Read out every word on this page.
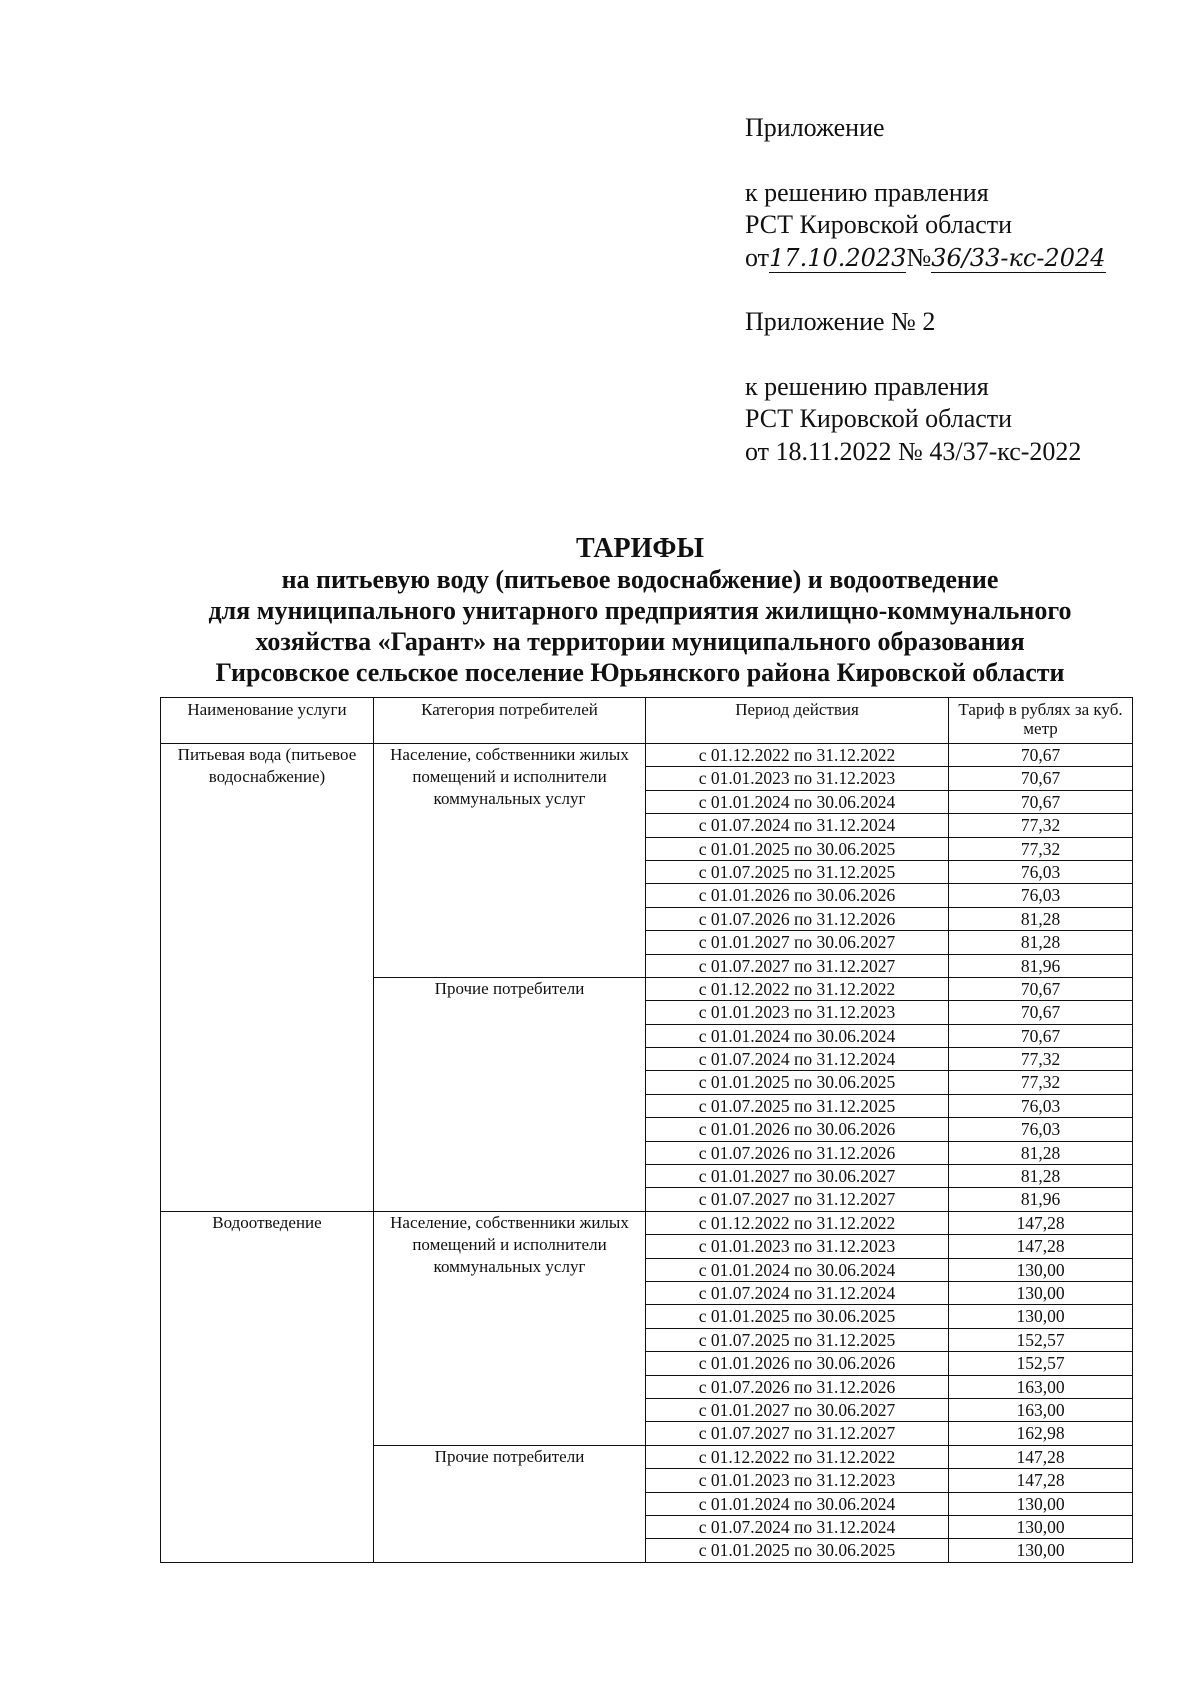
Приложение
к решению правления
РСТ Кировской области
от17.10.2023№36/33-кс-2024
Приложение № 2
к решению правления
РСТ Кировской области
от 18.11.2022 № 43/37-кс-2022
ТАРИФЫ
на питьевую воду (питьевое водоснабжение) и водоотведение
для муниципального унитарного предприятия жилищно-коммунального
хозяйства «Гарант» на территории муниципального образования
Гирсовское сельское поселение Юрьянского района Кировской области
Наименование услуги	Категория потребителей	Период действия	Тариф в рублях за куб. метр
Питьевая вода (питьевое водоснабжение)	Население, собственники жилых помещений и исполнители коммунальных услуг	с 01.12.2022 по 31.12.2022	70,67
		с 01.01.2023 по 31.12.2023	70,67
		с 01.01.2024 по 30.06.2024	70,67
		с 01.07.2024 по 31.12.2024	77,32
		с 01.01.2025 по 30.06.2025	77,32
		с 01.07.2025 по 31.12.2025	76,03
		с 01.01.2026 по 30.06.2026	76,03
		с 01.07.2026 по 31.12.2026	81,28
		с 01.01.2027 по 30.06.2027	81,28
		с 01.07.2027 по 31.12.2027	81,96
	Прочие потребители	с 01.12.2022 по 31.12.2022	70,67
		с 01.01.2023 по 31.12.2023	70,67
		с 01.01.2024 по 30.06.2024	70,67
		с 01.07.2024 по 31.12.2024	77,32
		с 01.01.2025 по 30.06.2025	77,32
		с 01.07.2025 по 31.12.2025	76,03
		с 01.01.2026 по 30.06.2026	76,03
		с 01.07.2026 по 31.12.2026	81,28
		с 01.01.2027 по 30.06.2027	81,28
		с 01.07.2027 по 31.12.2027	81,96
Водоотведение	Население, собственники жилых помещений и исполнители коммунальных услуг	с 01.12.2022 по 31.12.2022	147,28
		с 01.01.2023 по 31.12.2023	147,28
		с 01.01.2024 по 30.06.2024	130,00
		с 01.07.2024 по 31.12.2024	130,00
		с 01.01.2025 по 30.06.2025	130,00
		с 01.07.2025 по 31.12.2025	152,57
		с 01.01.2026 по 30.06.2026	152,57
		с 01.07.2026 по 31.12.2026	163,00
		с 01.01.2027 по 30.06.2027	163,00
		с 01.07.2027 по 31.12.2027	162,98
	Прочие потребители	с 01.12.2022 по 31.12.2022	147,28
		с 01.01.2023 по 31.12.2023	147,28
		с 01.01.2024 по 30.06.2024	130,00
		с 01.07.2024 по 31.12.2024	130,00
		с 01.01.2025 по 30.06.2025	130,00
